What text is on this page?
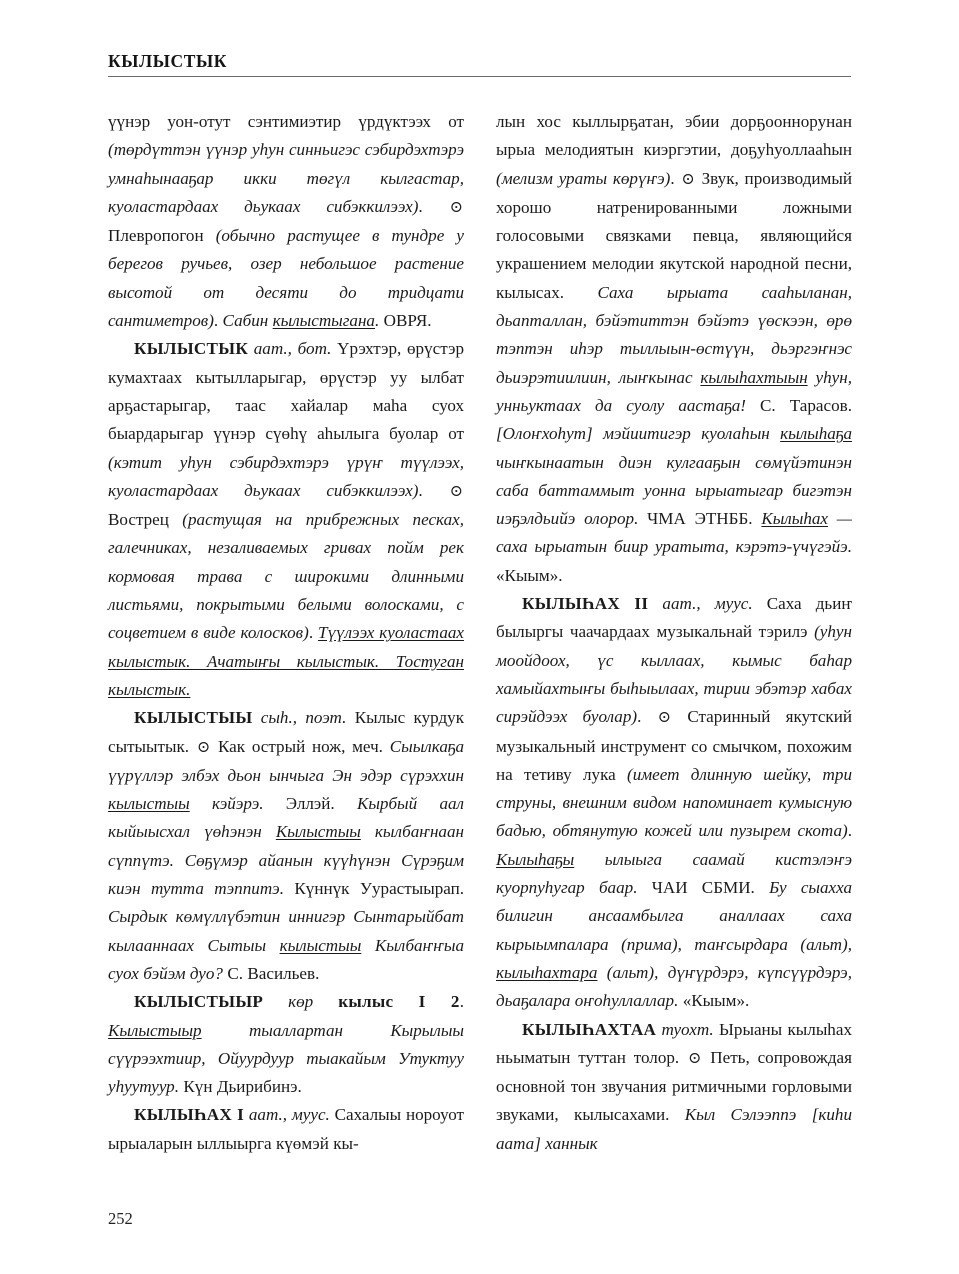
КЫЛЫСТЫК

үүнэр уон-отут сэнтимиэтир үрдүктээх от (төрдүттэн үүнэр уһун синньигэс сэбирдэхтэрэ умнаһынааҕар икки төгүл кылгастар, куоластардаах дьукаах сибэккилээх). ⊙ Плевропогон (обычно растущее в тундре у берегов ручьев, озер небольшое растение высотой от десяти до тридцати сантиметров). Сабин кылыстыгана. ОВРЯ.

КЫЛЫСТЫК аат., бот. Үрэхтэр, өрүстэр кумахтаах кытылларыгар, өрүстэр уу ылбат арҕастарыгар, таас хайалар маһа суох быардарыгар үүнэр сүөһү аһылыга буолар от (кэтит уһун сэбирдэхтэрэ үрүҥ түүлээх, куоластардаах дьукаах сибэккилээх). ⊙ Вострец (растущая на прибрежных песках, галечниках, незаливаемых гривах пойм рек кормовая трава с широкими длинными листьями, покрытыми белыми волосками, с соцветием в виде колосков). Түүлээх куоластаах кылыстык. Ачатыҥы кылыстык. Тостуган кылыстык.

КЫЛЫСТЫЫ сыһ., поэт. Кылыс курдук сытыытык. ⊙ Как острый нож, меч. Сыылкаҕа үүрүллэр элбэх дьон ынчыга Эн эдэр сүрэххин кылыстыы кэйэрэ. Эллэй. Кырбый аал кыйыысхал үөһэнэн Кылыстыы кылбаҥнаан сүппүтэ. Сөҕүмэр айанын күүһүнэн Сүрэҕим киэн тутта тэппитэ. Күннүк Уурастыырап. Сырдык көмүллүбэтин иннигэр Сынтарыйбат кылааннаах Сытыы кылыстыы Кылбаҥҥыа суох бэйэм дуо? С. Васильев.

КЫЛЫСТЫЫР көр кылыс I 2. Кылыстыыр тыаллартан Кырылыы сүүрээхтиир, Ойуурдуур тыакайым Утуктуу уһуутуур. Күн Дьирибинэ.

КЫЛЫҺАХ I аат., муус. Сахалыы нороуот ырыаларын ыллыырга күөмэй кы-

лын хос кыллырҕатан, эбии дорҕооннорунан ырыа мелодиятын киэргэтии, доҕуһуоллааһын (мелизм ураты көрүҥэ). ⊙ Звук, производимый хорошо натренированными ложными голосовыми связками певца, являющийся украшением мелодии якутской народной песни, кылысах. Саха ырыата сааһыланан, дьапталлан, бэйэтиттэн бэйэтэ үөскээн, өрө тэптэн иһэр тыллыын-өстүүн, дьэргэҥнэс дьиэрэтиилиин, лыҥкынас кылыһахтыын уһун, унньуктаах да суолу аастаҕа! С. Тарасов. [Олоҥхоһут] мэйиитигэр куолаһын кылыһаҕа чыҥкынаатын диэн кулгааҕын сөмүйэтинэн саба баттаммыт уонна ырыатыгар бигэтэн иэҕэлдьийэ олорор. ЧМА ЭТНББ. Кылыһах — саха ырыатын биир уратыта, кэрэтэ-үчүгэйэ. «Кыым».

КЫЛЫҺАХ II аат., муус. Саха дьиҥ былыргы чаачардаах музыкальнай тэрилэ (уһун моойдоох, үс кыллаах, кымыс баһар хамыйахтыҥы быһыылаах, тирии эбэтэр хабах сирэйдээх буолар). ⊙ Старинный якутский музыкальный инструмент со смычком, похожим на тетиву лука (имеет длинную шейку, три струны, внешним видом напоминает кумысную бадью, обтянутую кожей или пузырем скота). Кылыһаҕы ылыыга саамай кистэлэҥэ куорпуһугар баар. ЧАИ СБМИ. Бу сыахха билигин ансаамбылга аналлаах саха кырыымпалара (прима), таҥсырдара (альт), кылыһахтара (альт), дүҥүрдэрэ, күпсүүрдэрэ, дьаҕалара оҥоһуллаллар. «Кыым».

КЫЛЫҺАХТАА туохт. Ырыаны кылыһах ньыматын туттан толор. ⊙ Петь, сопровождая основной тон звучания ритмичными горловыми звуками, кылысахами. Кыл Сэлээппэ [киһи аата] ханнык

252
